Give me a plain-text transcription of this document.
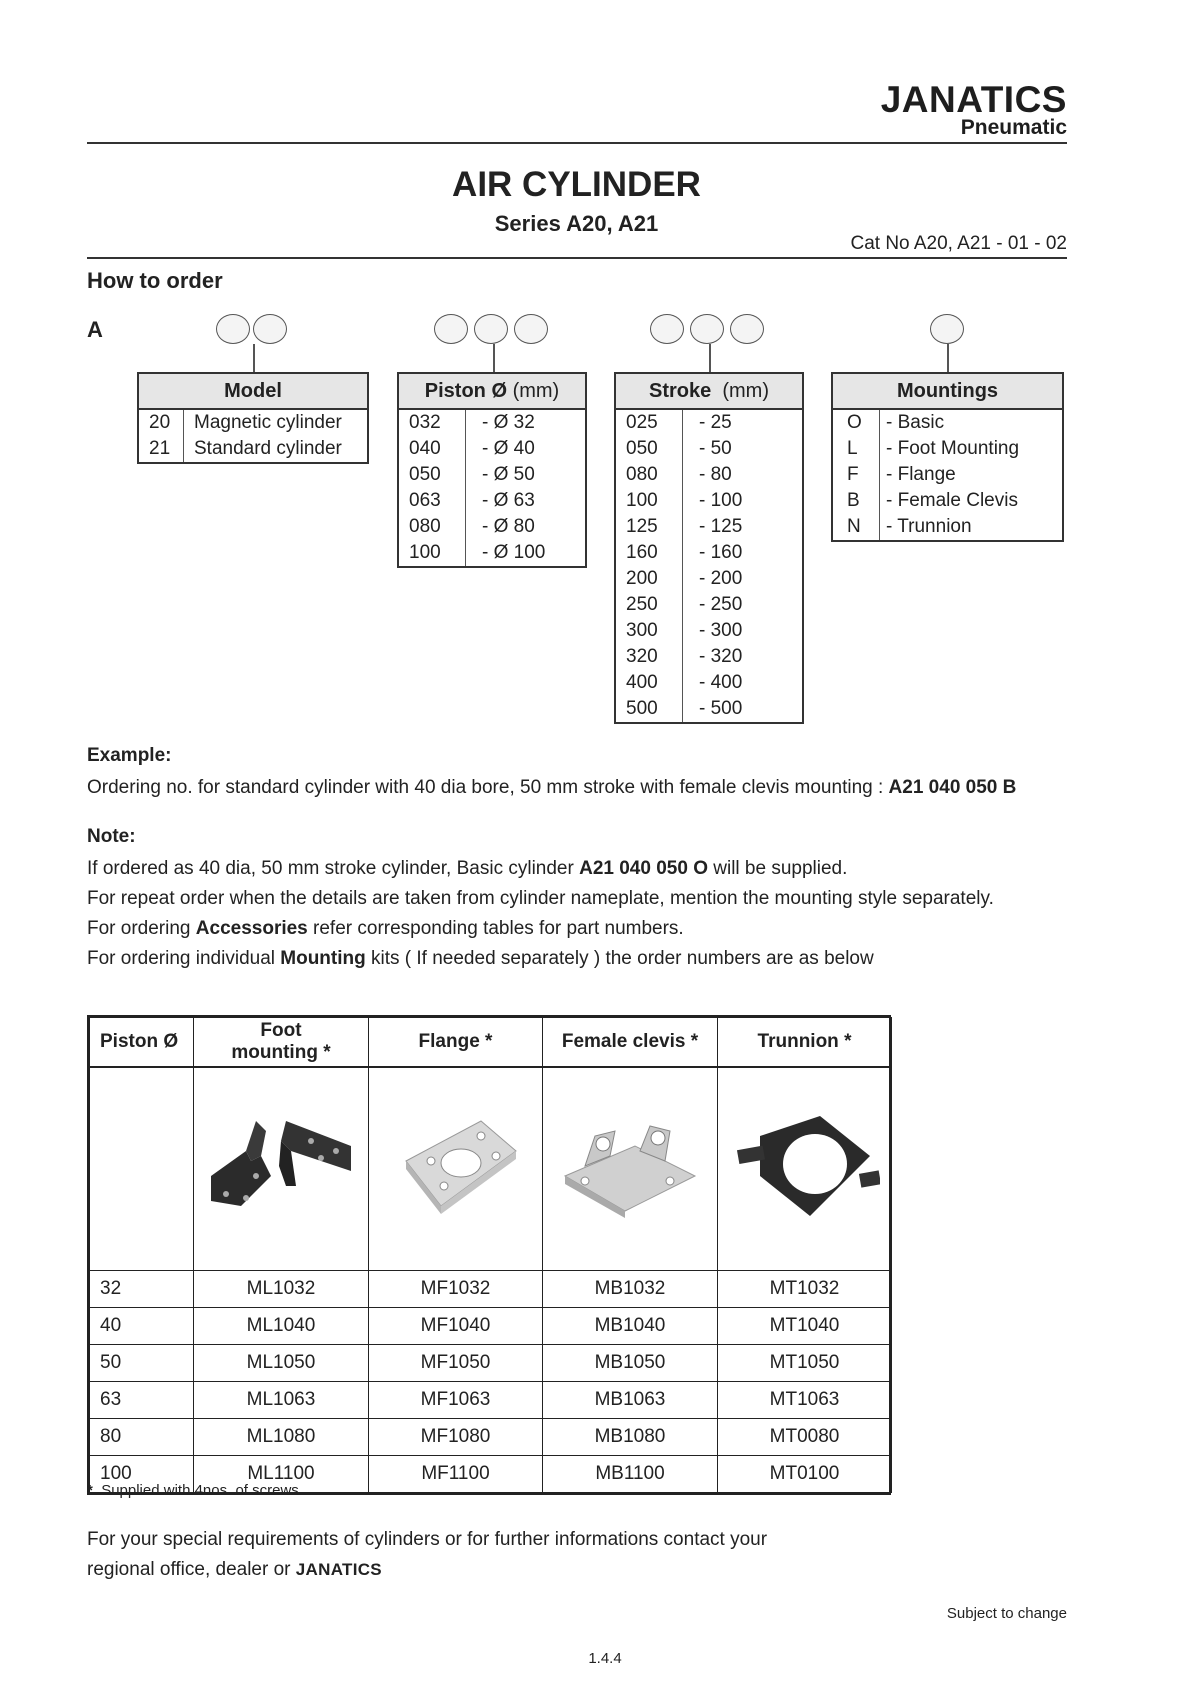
JANATICS
Pneumatic
AIR CYLINDER
Series A20, A21
Cat No A20, A21 - 01 - 02
How to order
A
Model
20	Magnetic cylinder
21	Standard cylinder
Piston Ø (mm)
032	- Ø 32
040	- Ø 40
050	- Ø 50
063	- Ø 63
080	- Ø 80
100	- Ø 100
Stroke (mm)
025	- 25
050	- 50
080	- 80
100	- 100
125	- 125
160	- 160
200	- 200
250	- 250
300	- 300
320	- 320
400	- 400
500	- 500
Mountings
O	- Basic
L	- Foot Mounting
F	- Flange
B	- Female Clevis
N	- Trunnion
Example:
Ordering no. for standard cylinder with 40 dia bore, 50 mm stroke with female clevis mounting : A21 040 050 B
Note:
If ordered as 40 dia, 50 mm stroke cylinder, Basic cylinder A21 040 050 O will be supplied.
For repeat order when the details are taken from cylinder nameplate, mention the mounting style separately.
For ordering Accessories refer corresponding tables for part numbers.
For ordering individual Mounting kits ( If needed separately ) the order numbers are as below
Piston Ø	Foot mounting *	Flange *	Female clevis *	Trunnion *

32	ML1032	MF1032	MB1032	MT1032
40	ML1040	MF1040	MB1040	MT1040
50	ML1050	MF1050	MB1050	MT1050
63	ML1063	MF1063	MB1063	MT1063
80	ML1080	MF1080	MB1080	MT0080
100	ML1100	MF1100	MB1100	MT0100
* Supplied with 4nos. of screws
For your special requirements of cylinders or for further informations contact your
regional office, dealer or JANATICS
Subject to change
1.4.4
